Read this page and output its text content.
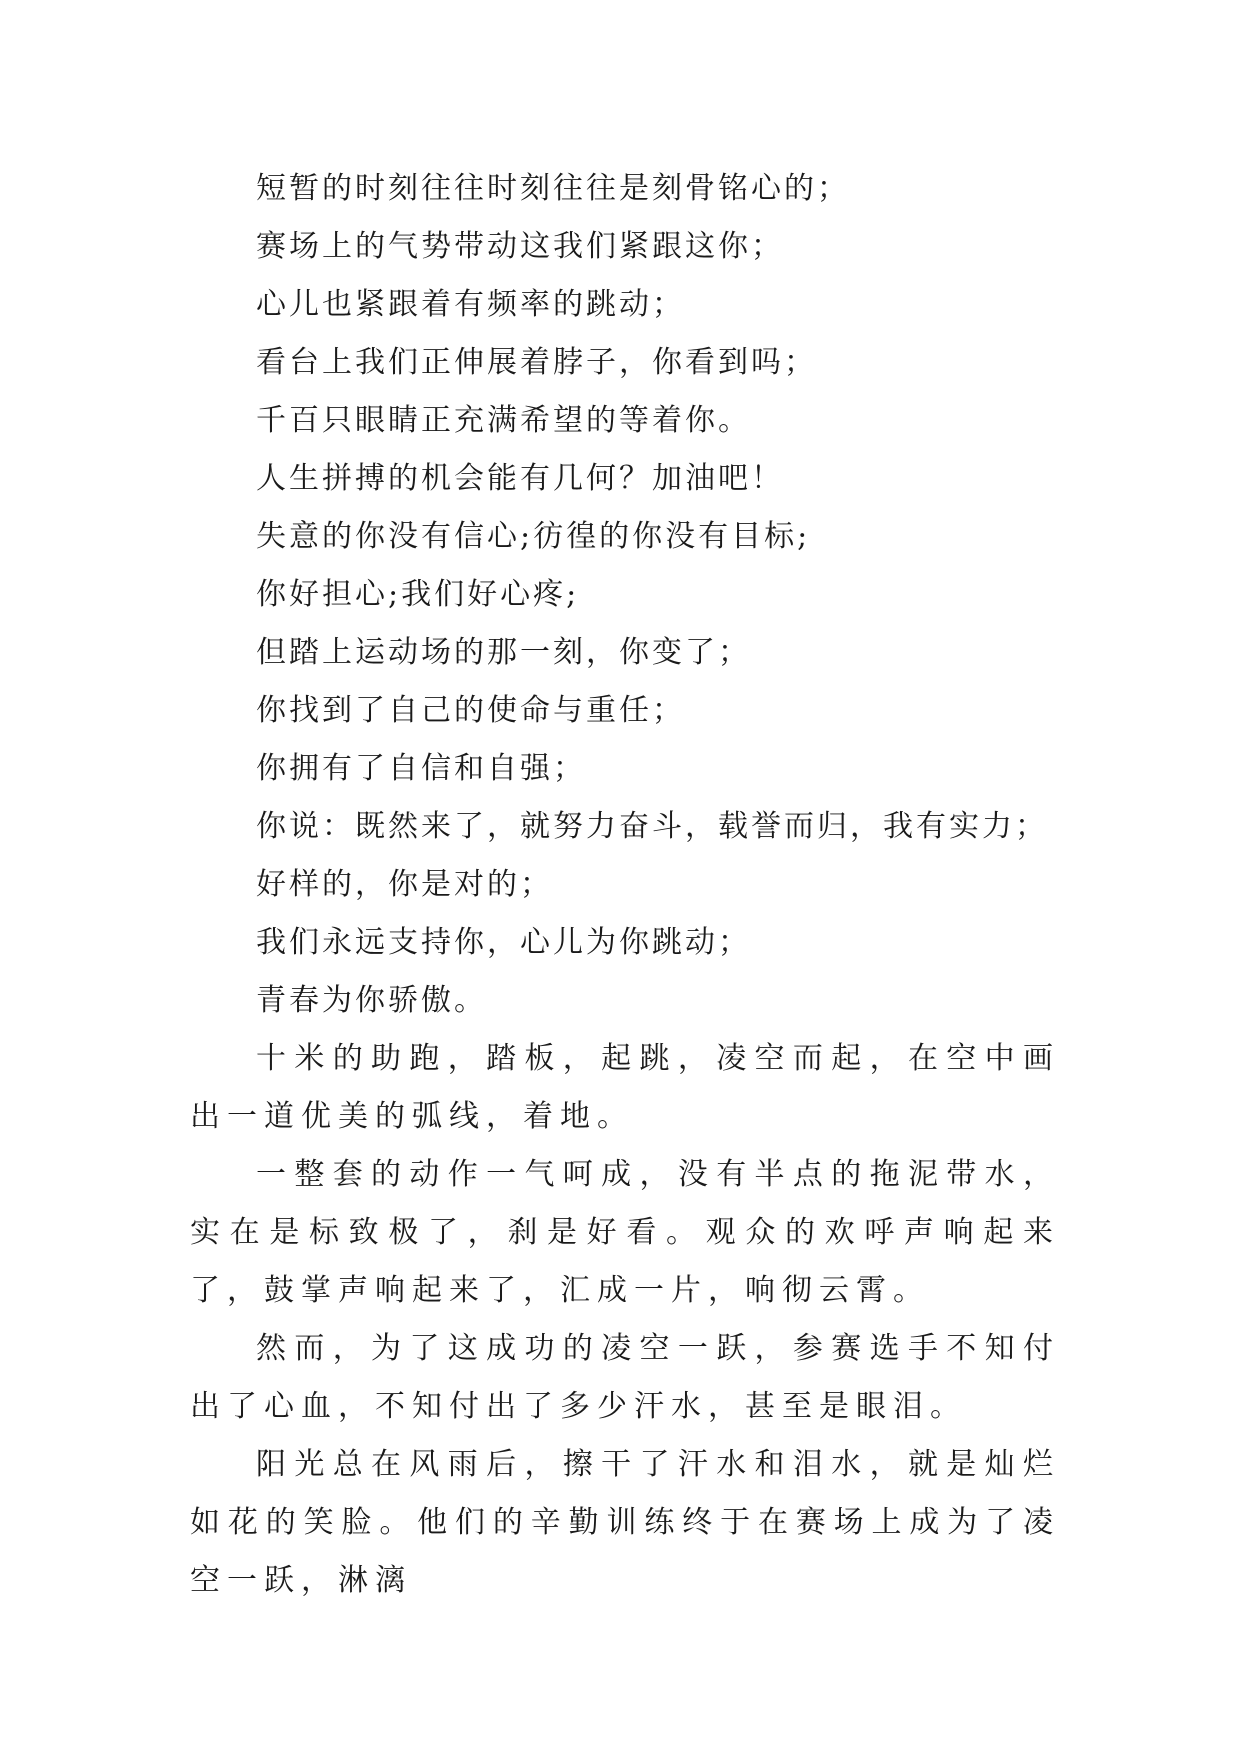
短暂的时刻往往时刻往往是刻骨铭心的；

赛场上的气势带动这我们紧跟这你；

心儿也紧跟着有频率的跳动；

看台上我们正伸展着脖子，你看到吗；

千百只眼睛正充满希望的等着你。

人生拼搏的机会能有几何？加油吧！

失意的你没有信心;彷徨的你没有目标;

你好担心;我们好心疼;

但踏上运动场的那一刻，你变了；

你找到了自己的使命与重任；

你拥有了自信和自强；

你说：既然来了，就努力奋斗，载誉而归，我有实力；

好样的，你是对的；

我们永远支持你，心儿为你跳动；

青春为你骄傲。

十米的助跑，踏板，起跳，凌空而起，在空中画出一道优美的弧线，着地。

一整套的动作一气呵成，没有半点的拖泥带水，实在是标致极了，刹是好看。观众的欢呼声响起来了，鼓掌声响起来了，汇成一片，响彻云霄。

然而，为了这成功的凌空一跃，参赛选手不知付出了心血，不知付出了多少汗水，甚至是眼泪。

阳光总在风雨后，擦干了汗水和泪水，就是灿烂如花的笑脸。他们的辛勤训练终于在赛场上成为了凌空一跃，淋漓
